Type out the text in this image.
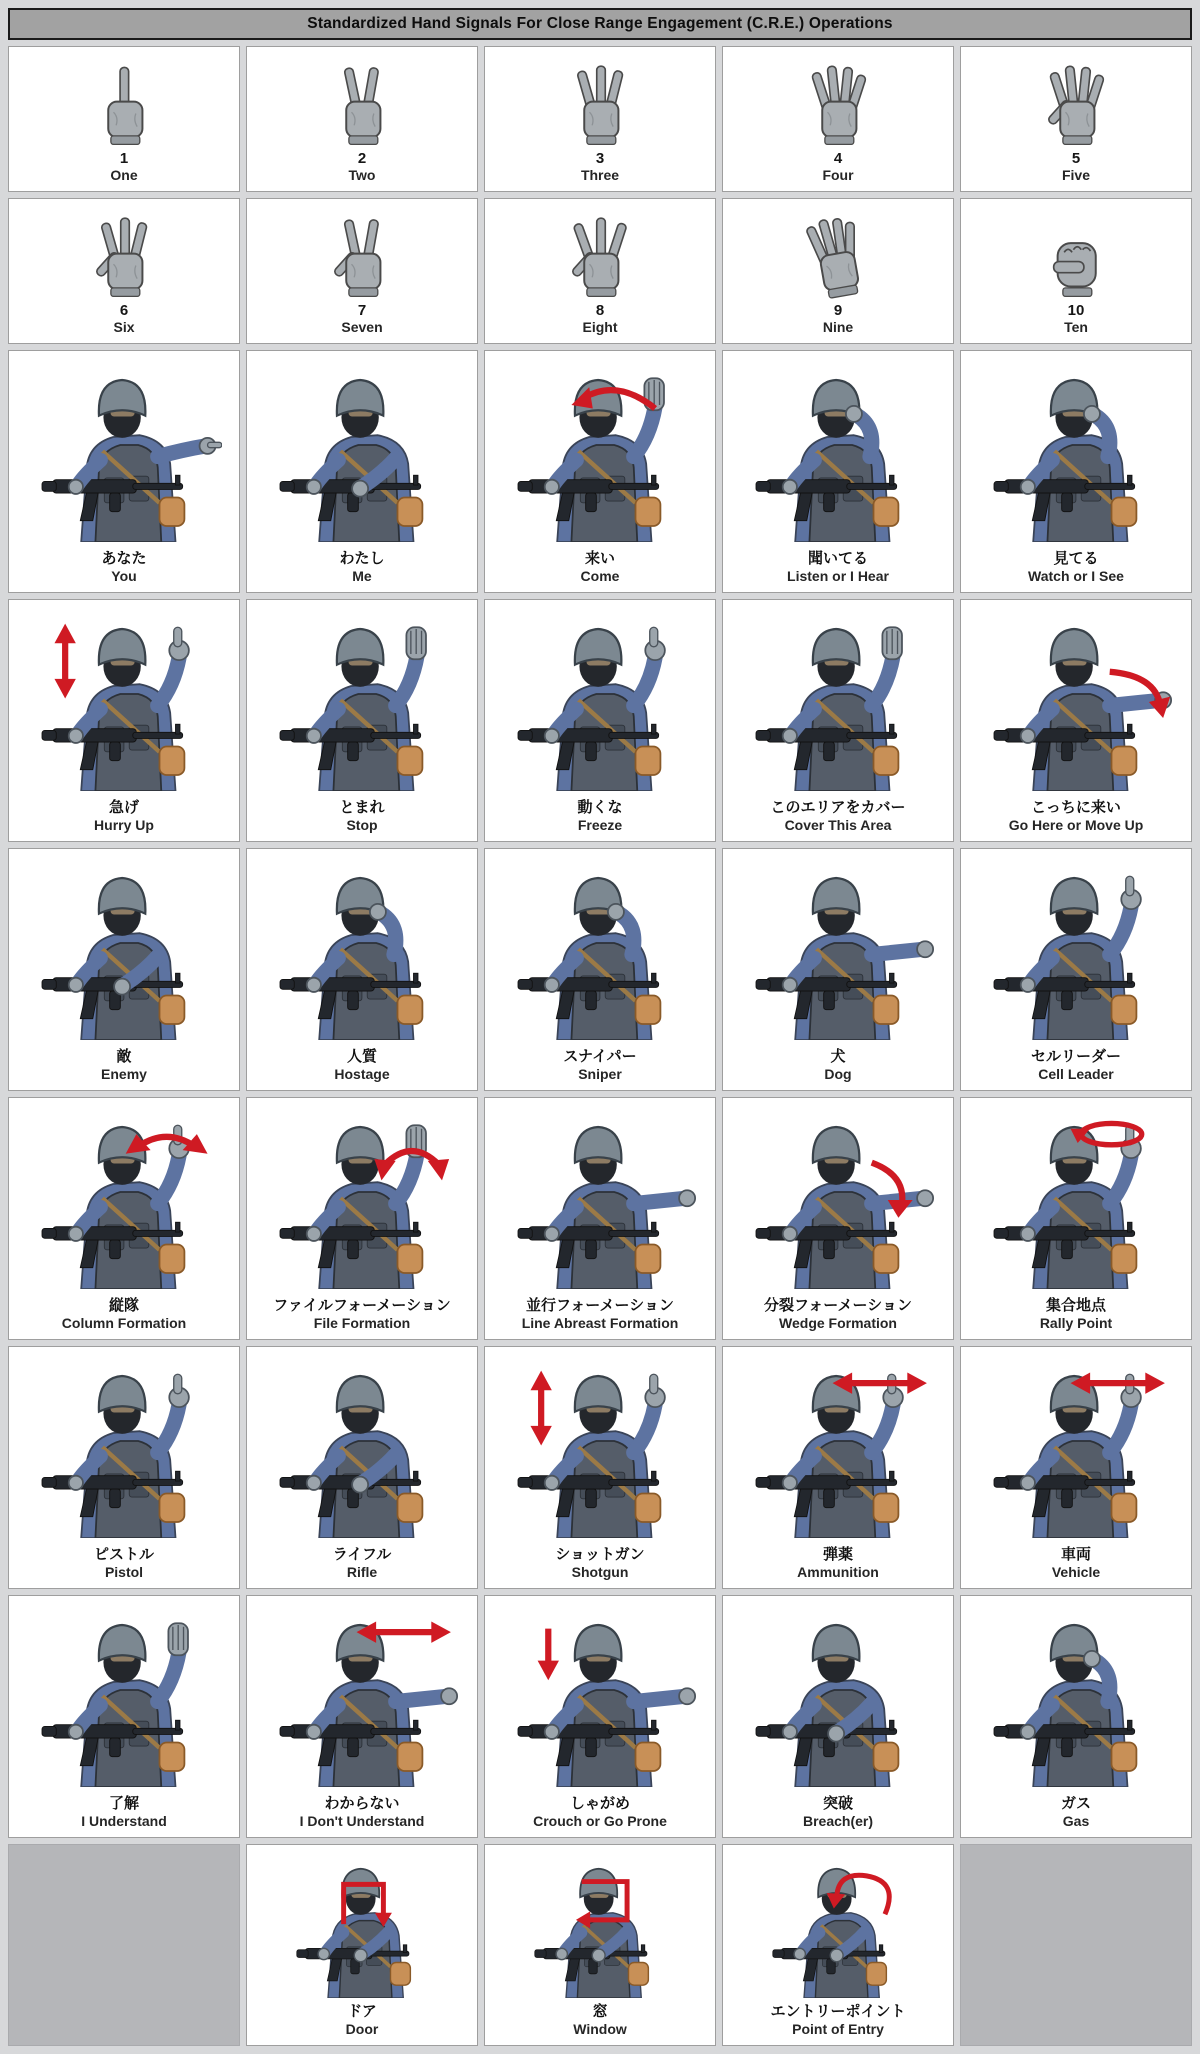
Standardized Hand Signals For Close Range Engagement (C.R.E.) Operations
1
One
2
Two
3
Three
4
Four
5
Five
6
Six
7
Seven
8
Eight
9
Nine
10
Ten
あなた
You
わたし
Me
来い
Come
聞いてる
Listen or I Hear
見てる
Watch or I See
急げ
Hurry Up
とまれ
Stop
動くな
Freeze
このエリアをカバー
Cover This Area
こっちに来い
Go Here or Move Up
敵
Enemy
人質
Hostage
スナイパー
Sniper
犬
Dog
セルリーダー
Cell Leader
縦隊
Column Formation
ファイルフォーメーション
File Formation
並行フォーメーション
Line Abreast Formation
分裂フォーメーション
Wedge Formation
集合地点
Rally Point
ピストル
Pistol
ライフル
Rifle
ショットガン
Shotgun
弾薬
Ammunition
車両
Vehicle
了解
I Understand
わからない
I Don't Understand
しゃがめ
Crouch or Go Prone
突破
Breach(er)
ガス
Gas
ドア
Door
窓
Window
エントリーポイント
Point of Entry
